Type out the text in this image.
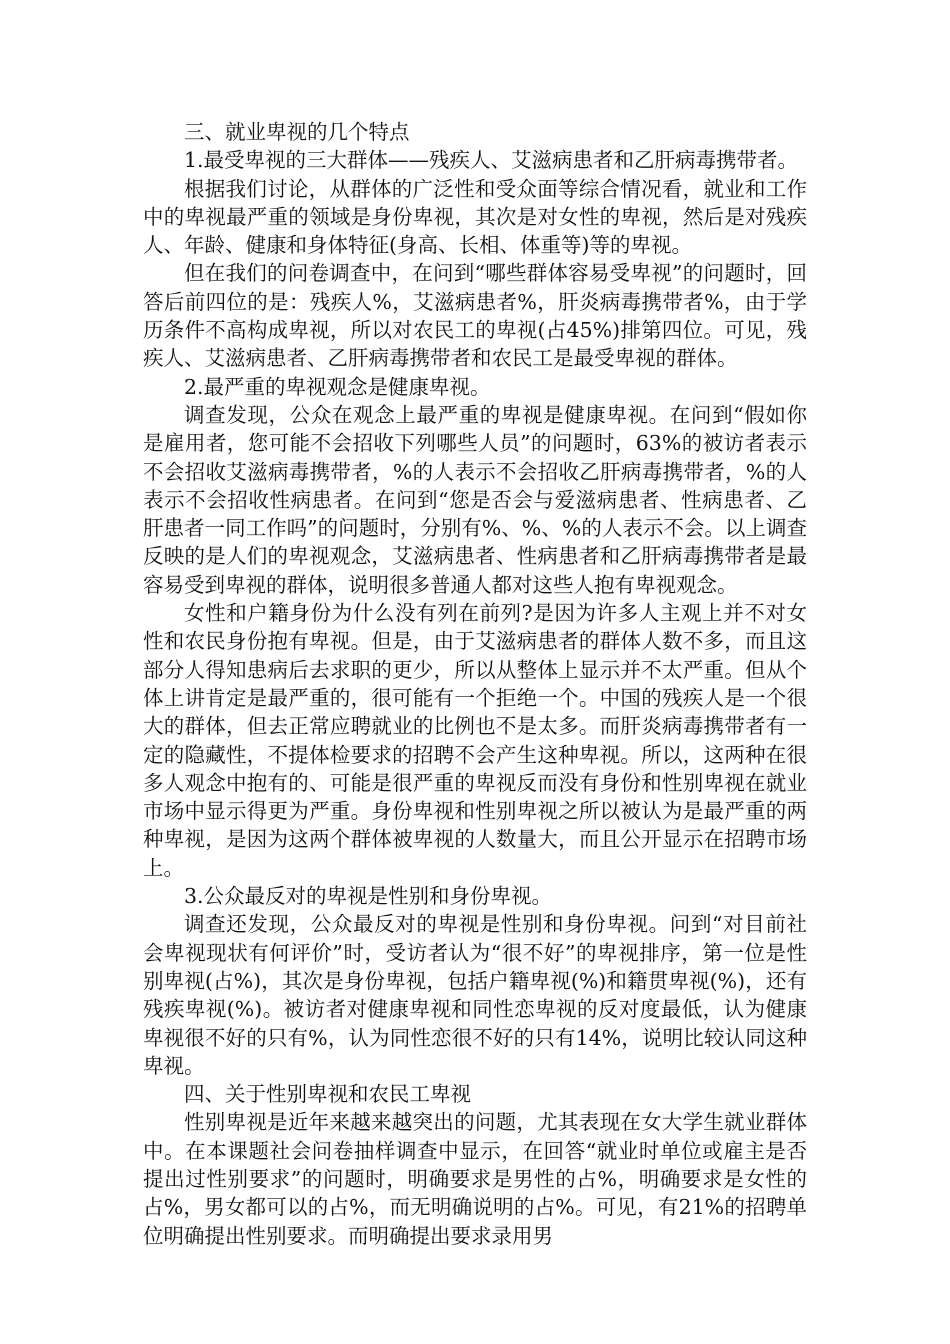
三、就业卑视的几个特点

1.最受卑视的三大群体——残疾人、艾滋病患者和乙肝病毒携带者。

根据我们讨论，从群体的广泛性和受众面等综合情况看，就业和工作中的卑视最严重的领域是身份卑视，其次是对女性的卑视，然后是对残疾人、年龄、健康和身体特征(身高、长相、体重等)等的卑视。

但在我们的问卷调查中，在问到“哪些群体容易受卑视”的问题时，回答后前四位的是：残疾人%，艾滋病患者%，肝炎病毒携带者%，由于学历条件不高构成卑视，所以对农民工的卑视(占45%)排第四位。可见，残疾人、艾滋病患者、乙肝病毒携带者和农民工是最受卑视的群体。

2.最严重的卑视观念是健康卑视。

调查发现，公众在观念上最严重的卑视是健康卑视。在问到“假如你是雇用者，您可能不会招收下列哪些人员”的问题时，63%的被访者表示不会招收艾滋病毒携带者，%的人表示不会招收乙肝病毒携带者，%的人表示不会招收性病患者。在问到“您是否会与爱滋病患者、性病患者、乙肝患者一同工作吗”的问题时，分别有%、%、%的人表示不会。以上调查反映的是人们的卑视观念，艾滋病患者、性病患者和乙肝病毒携带者是最容易受到卑视的群体，说明很多普通人都对这些人抱有卑视观念。

女性和户籍身份为什么没有列在前列?是因为许多人主观上并不对女性和农民身份抱有卑视。但是，由于艾滋病患者的群体人数不多，而且这部分人得知患病后去求职的更少，所以从整体上显示并不太严重。但从个体上讲肯定是最严重的，很可能有一个拒绝一个。中国的残疾人是一个很大的群体，但去正常应聘就业的比例也不是太多。而肝炎病毒携带者有一定的隐藏性，不提体检要求的招聘不会产生这种卑视。所以，这两种在很多人观念中抱有的、可能是很严重的卑视反而没有身份和性别卑视在就业市场中显示得更为严重。身份卑视和性别卑视之所以被认为是最严重的两种卑视，是因为这两个群体被卑视的人数量大，而且公开显示在招聘市场上。

3.公众最反对的卑视是性别和身份卑视。

调查还发现，公众最反对的卑视是性别和身份卑视。问到“对目前社会卑视现状有何评价”时，受访者认为“很不好”的卑视排序，第一位是性别卑视(占%)，其次是身份卑视，包括户籍卑视(%)和籍贯卑视(%)，还有残疾卑视(%)。被访者对健康卑视和同性恋卑视的反对度最低，认为健康卑视很不好的只有%，认为同性恋很不好的只有14%，说明比较认同这种卑视。

四、关于性别卑视和农民工卑视

性别卑视是近年来越来越突出的问题，尤其表现在女大学生就业群体中。在本课题社会问卷抽样调查中显示，在回答“就业时单位或雇主是否提出过性别要求”的问题时，明确要求是男性的占%，明确要求是女性的占%，男女都可以的占%，而无明确说明的占%。可见，有21%的招聘单位明确提出性别要求。而明确提出要求录用男
